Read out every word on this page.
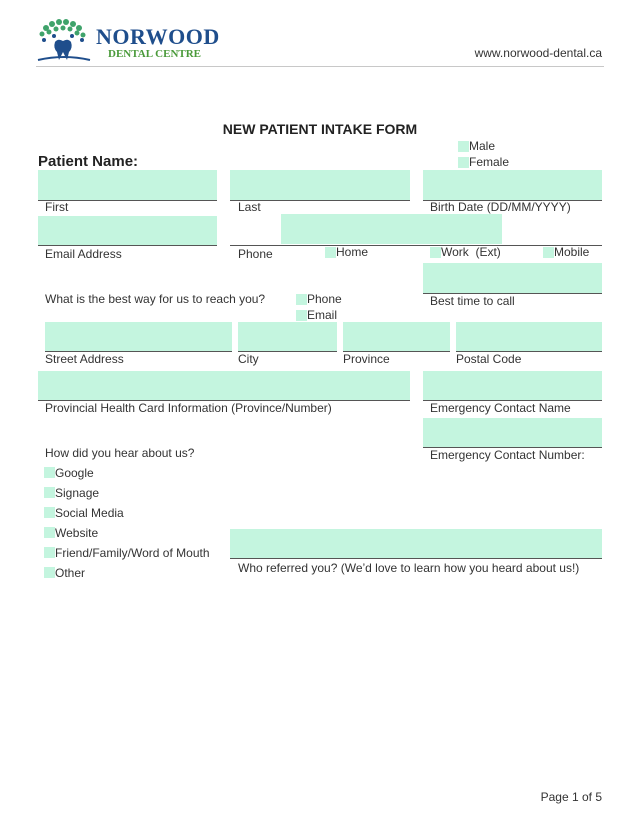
NORWOOD
DENTAL CENTRE	www.norwood-dental.ca
NEW PATIENT INTAKE FORM
Male
Female
Patient Name:
First	Last	Birth Date (DD/MM/YYYY)
Email Address	Phone	Home	Work  (Ext)	Mobile
What is the best way for us to reach you?	Phone
Email
Best time to call
Street Address	City	Province	Postal Code
Provincial Health Card Information (Province/Number)	Emergency Contact Name
Emergency Contact Number:
How did you hear about us?
Google
Signage
Social Media
Website
Friend/Family/Word of Mouth
Other	Who referred you? (We’d love to learn how you heard about us!)
Page 1 of 5
